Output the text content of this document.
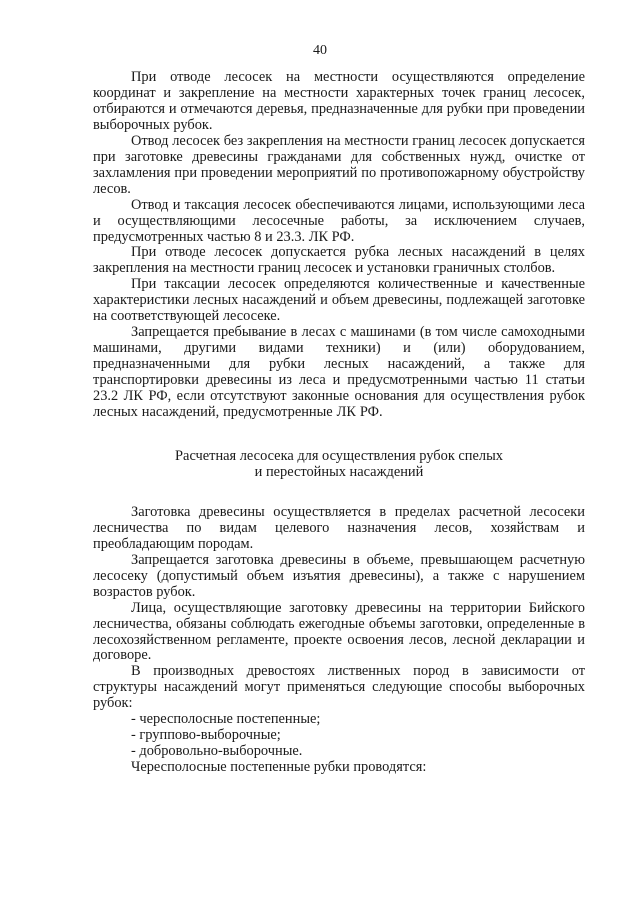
40

При отводе лесосек на местности осуществляются определение координат и закрепление на местности характерных точек границ лесосек, отбираются и отмечаются деревья, предназначенные для рубки при проведении выборочных рубок.

Отвод лесосек без закрепления на местности границ лесосек допускается при заготовке древесины гражданами для собственных нужд, очистке от захламления при проведении мероприятий по противопожарному обустройству лесов.

Отвод и таксация лесосек обеспечиваются лицами, использующими леса и осуществляющими лесосечные работы, за исключением случаев, предусмотренных частью 8 и 23.3. ЛК РФ.

При отводе лесосек допускается рубка лесных насаждений в целях закрепления на местности границ лесосек и установки граничных столбов.

При таксации лесосек определяются количественные и качественные характеристики лесных насаждений и объем древесины, подлежащей заготовке на соответствующей лесосеке.

Запрещается пребывание в лесах с машинами (в том числе самоходными машинами, другими видами техники) и (или) оборудованием, предназначенными для рубки лесных насаждений, а также для транспортировки древесины из леса и предусмотренными частью 11 статьи 23.2 ЛК РФ, если отсутствуют законные основания для осуществления рубок лесных насаждений, предусмотренные ЛК РФ.

Расчетная лесосека для осуществления рубок спелых

и перестойных насаждений

Заготовка древесины осуществляется в пределах расчетной лесосеки лесничества по видам целевого назначения лесов, хозяйствам и преобладающим породам.

Запрещается заготовка древесины в объеме, превышающем расчетную лесосеку (допустимый объем изъятия древесины), а также с нарушением возрастов рубок.

Лица, осуществляющие заготовку древесины на территории Бийского лесничества, обязаны соблюдать ежегодные объемы заготовки, определенные в лесохозяйственном регламенте, проекте освоения лесов, лесной декларации и договоре.

В производных древостоях лиственных пород в зависимости от структуры насаждений могут применяться следующие способы выборочных рубок:

- чересполосные постепенные;

- группово-выборочные;

- добровольно-выборочные.

Чересполосные постепенные рубки проводятся:
